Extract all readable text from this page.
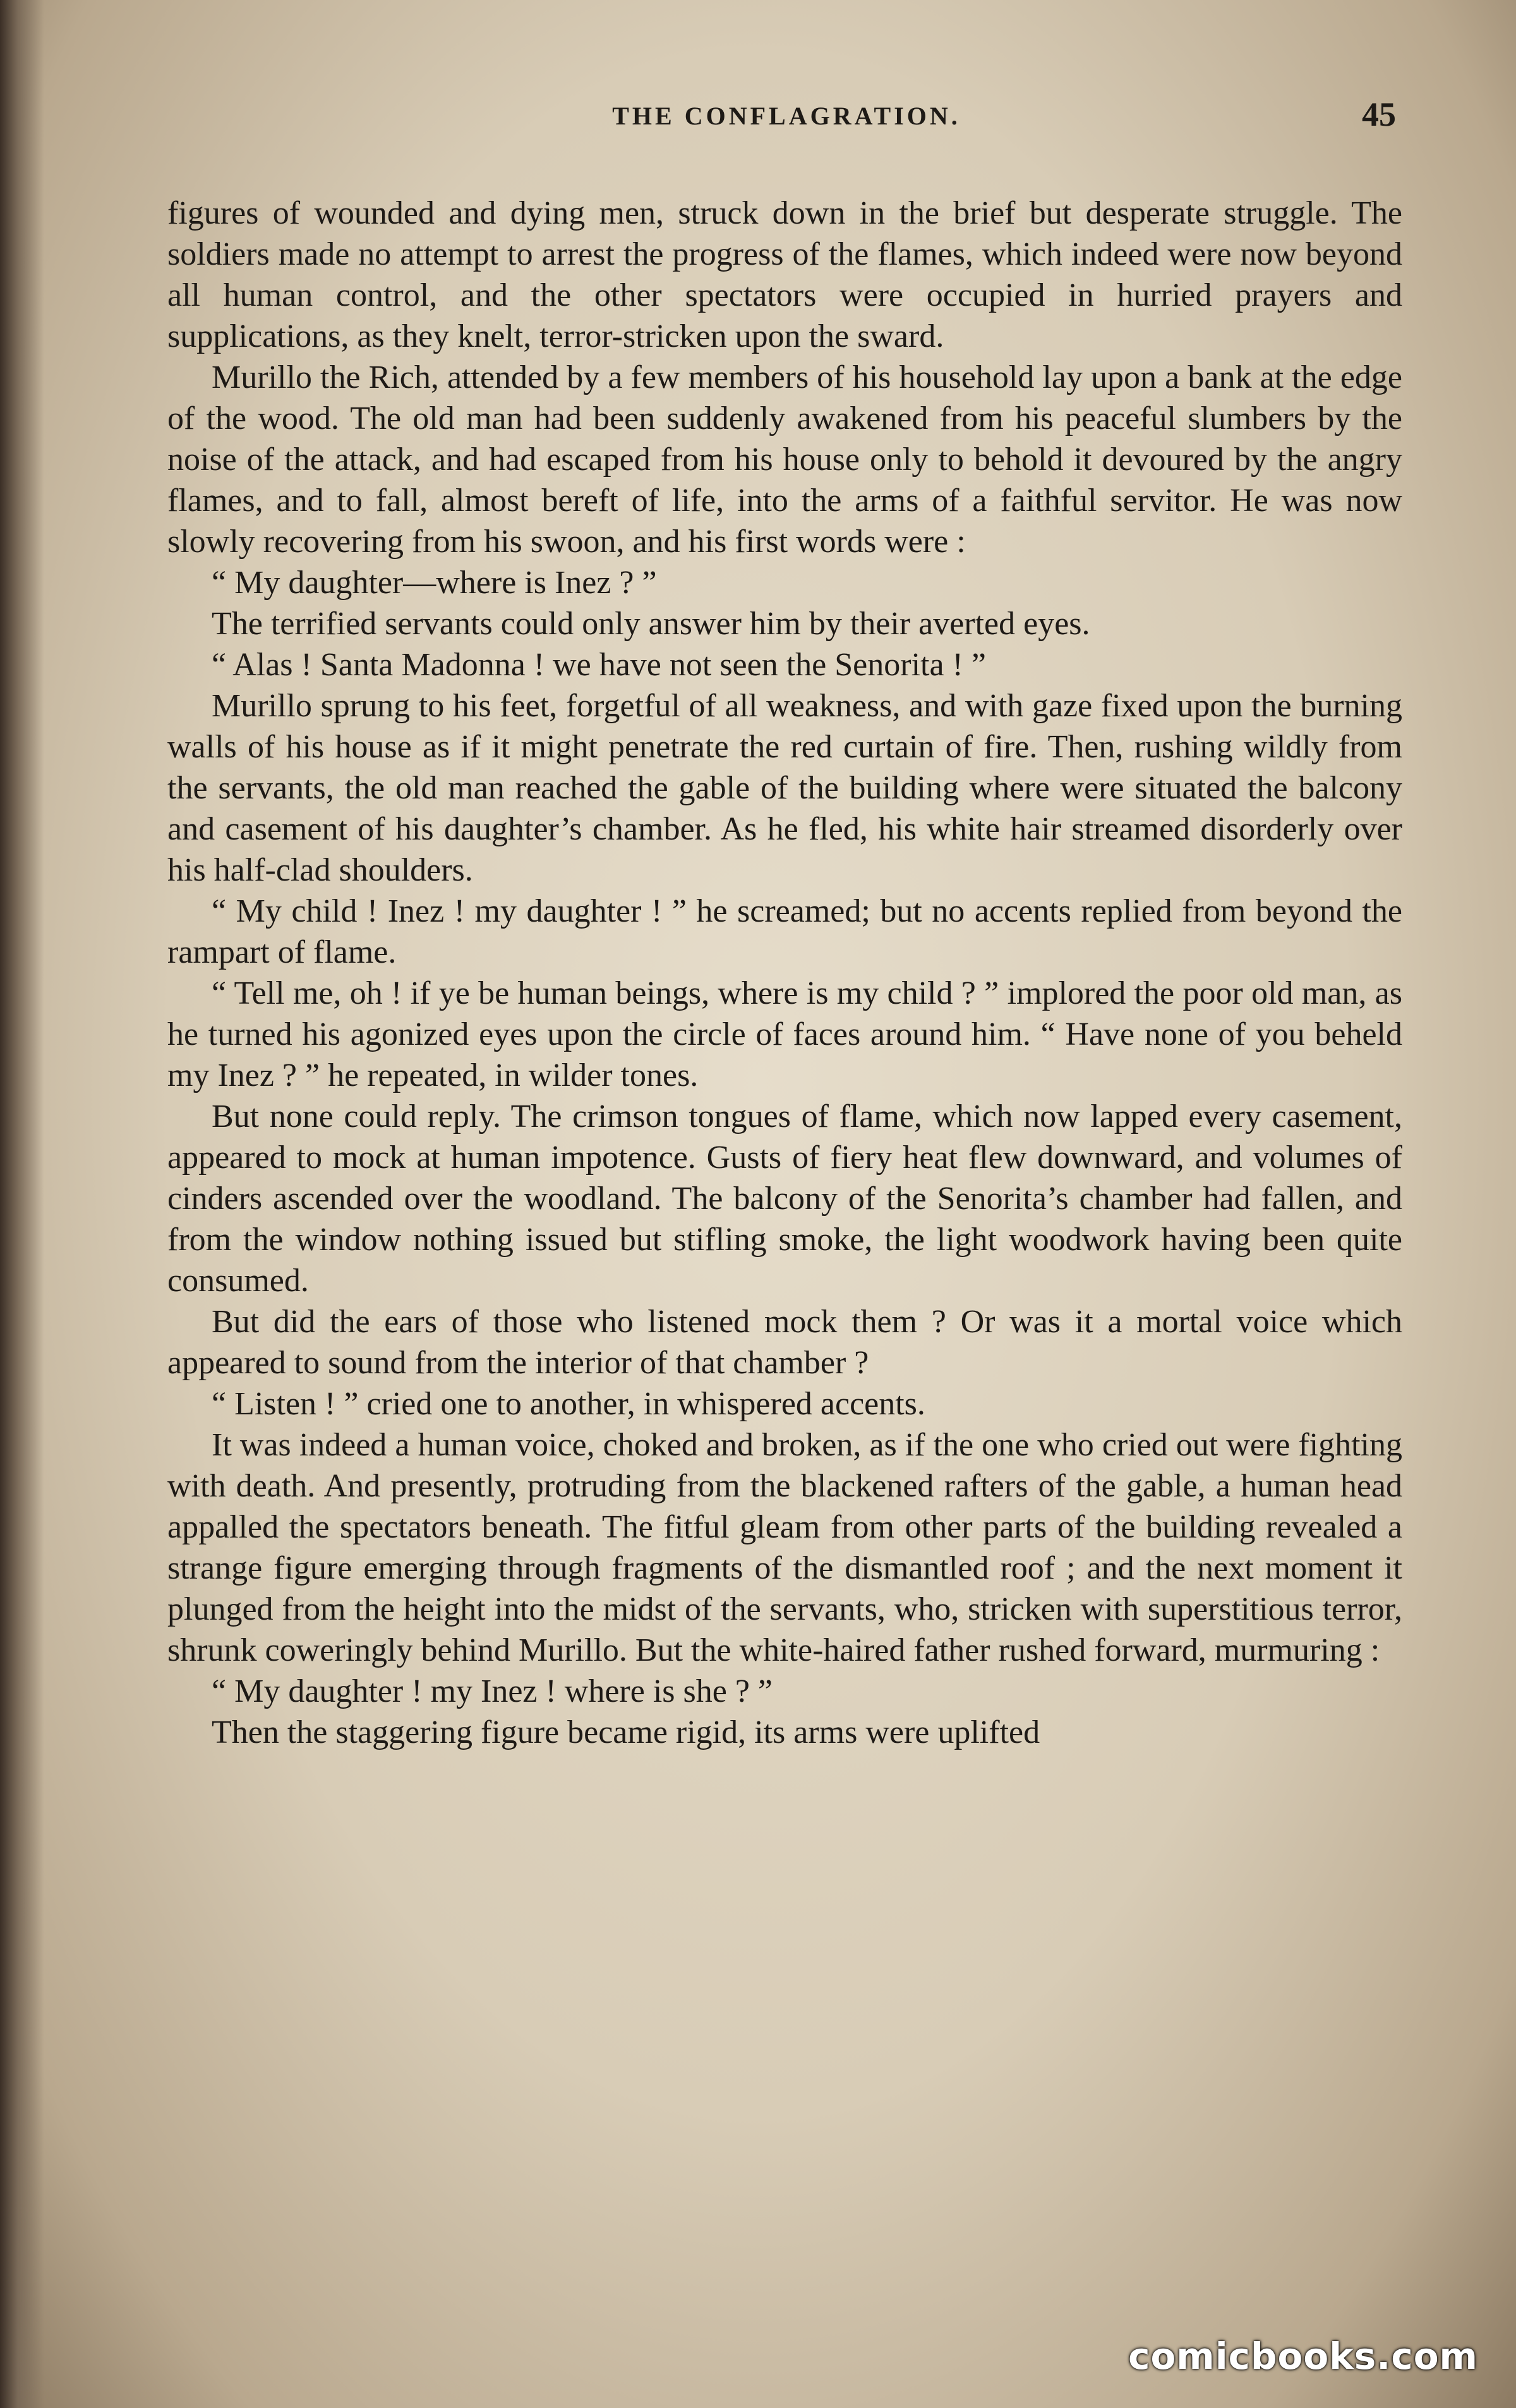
THE CONFLAGRATION.	45

figures of wounded and dying men, struck down in the brief but desperate struggle. The soldiers made no attempt to arrest the progress of the flames, which indeed were now beyond all human control, and the other spectators were occupied in hurried prayers and supplications, as they knelt, terror-stricken upon the sward.

Murillo the Rich, attended by a few members of his household lay upon a bank at the edge of the wood. The old man had been suddenly awakened from his peaceful slumbers by the noise of the attack, and had escaped from his house only to behold it devoured by the angry flames, and to fall, almost bereft of life, into the arms of a faithful servitor. He was now slowly recovering from his swoon, and his first words were :

“ My daughter—where is Inez ? ”

The terrified servants could only answer him by their averted eyes.

“ Alas ! Santa Madonna ! we have not seen the Senorita ! ”

Murillo sprung to his feet, forgetful of all weakness, and with gaze fixed upon the burning walls of his house as if it might penetrate the red curtain of fire. Then, rushing wildly from the servants, the old man reached the gable of the building where were situated the balcony and casement of his daughter’s chamber. As he fled, his white hair streamed disorderly over his half-clad shoulders.

“ My child ! Inez ! my daughter ! ” he screamed; but no accents replied from beyond the rampart of flame.

“ Tell me, oh ! if ye be human beings, where is my child ? ” implored the poor old man, as he turned his agonized eyes upon the circle of faces around him. “ Have none of you beheld my Inez ? ” he repeated, in wilder tones.

But none could reply. The crimson tongues of flame, which now lapped every casement, appeared to mock at human impotence. Gusts of fiery heat flew downward, and volumes of cinders ascended over the woodland. The balcony of the Senorita’s chamber had fallen, and from the window nothing issued but stifling smoke, the light woodwork having been quite consumed.

But did the ears of those who listened mock them ? Or was it a mortal voice which appeared to sound from the interior of that chamber ?

“ Listen ! ” cried one to another, in whispered accents.

It was indeed a human voice, choked and broken, as if the one who cried out were fighting with death. And presently, protruding from the blackened rafters of the gable, a human head appalled the spectators beneath. The fitful gleam from other parts of the building revealed a strange figure emerging through fragments of the dismantled roof ; and the next moment it plunged from the height into the midst of the servants, who, stricken with superstitious terror, shrunk coweringly behind Murillo. But the white-haired father rushed forward, murmuring :

“ My daughter ! my Inez ! where is she ? ”

Then the staggering figure became rigid, its arms were uplifted

comicbooks.com
